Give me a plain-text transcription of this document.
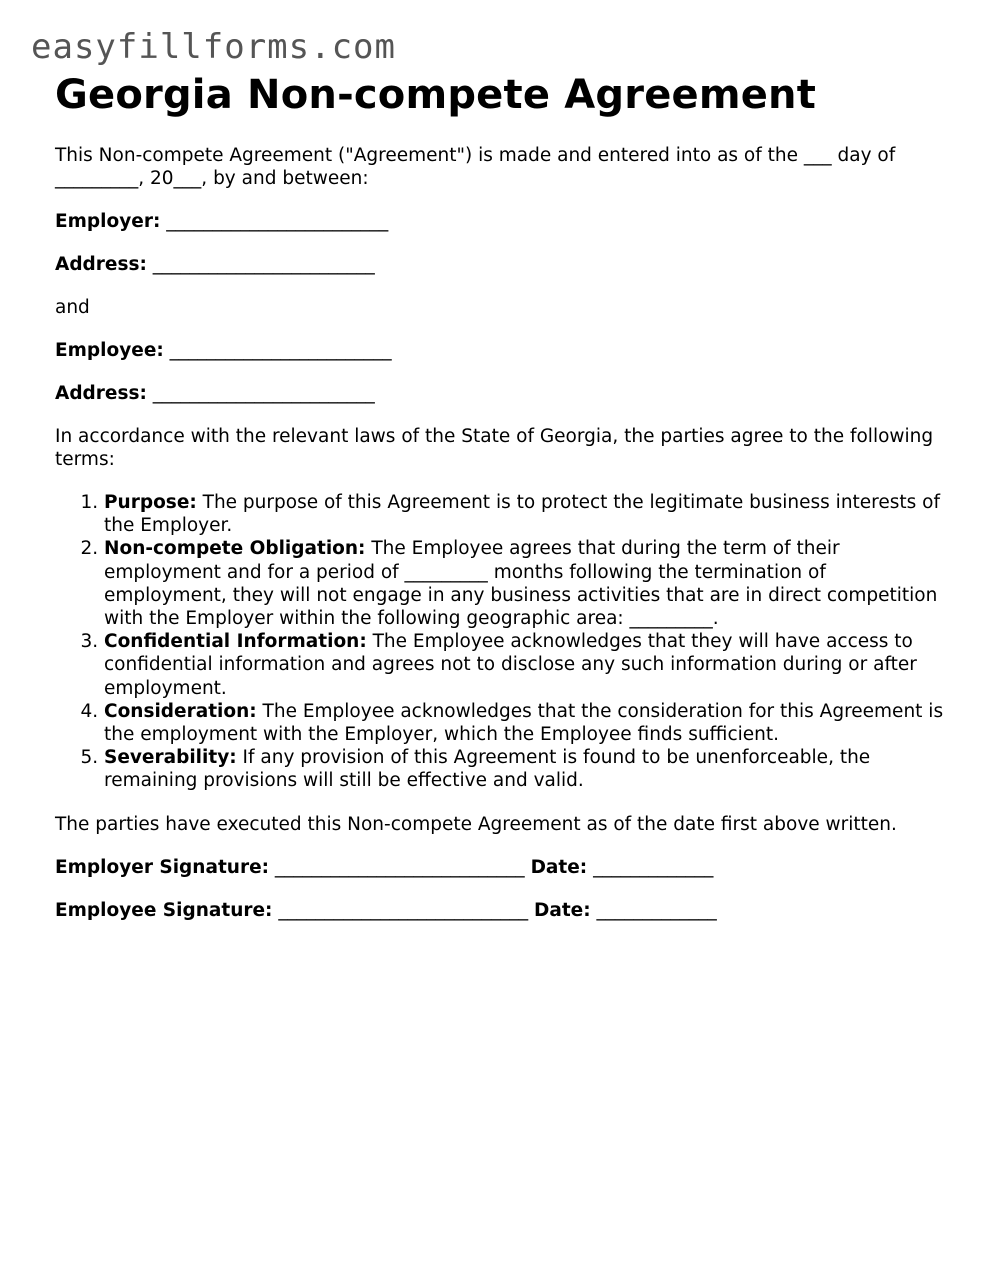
easyfillforms.com
Georgia Non-compete Agreement

This Non-compete Agreement ("Agreement") is made and entered into as of the ___ day of _________, 20___, by and between:

Employer: ________________________

Address: ________________________

and

Employee: ________________________

Address: ________________________

In accordance with the relevant laws of the State of Georgia, the parties agree to the following terms:

1. Purpose: The purpose of this Agreement is to protect the legitimate business interests of the Employer.
2. Non-compete Obligation: The Employee agrees that during the term of their employment and for a period of _________ months following the termination of employment, they will not engage in any business activities that are in direct competition with the Employer within the following geographic area: _________.
3. Confidential Information: The Employee acknowledges that they will have access to confidential information and agrees not to disclose any such information during or after employment.
4. Consideration: The Employee acknowledges that the consideration for this Agreement is the employment with the Employer, which the Employee finds sufficient.
5. Severability: If any provision of this Agreement is found to be unenforceable, the remaining provisions will still be effective and valid.

The parties have executed this Non-compete Agreement as of the date first above written.

Employer Signature: ___________________________ Date: _____________

Employee Signature: ___________________________ Date: _____________
